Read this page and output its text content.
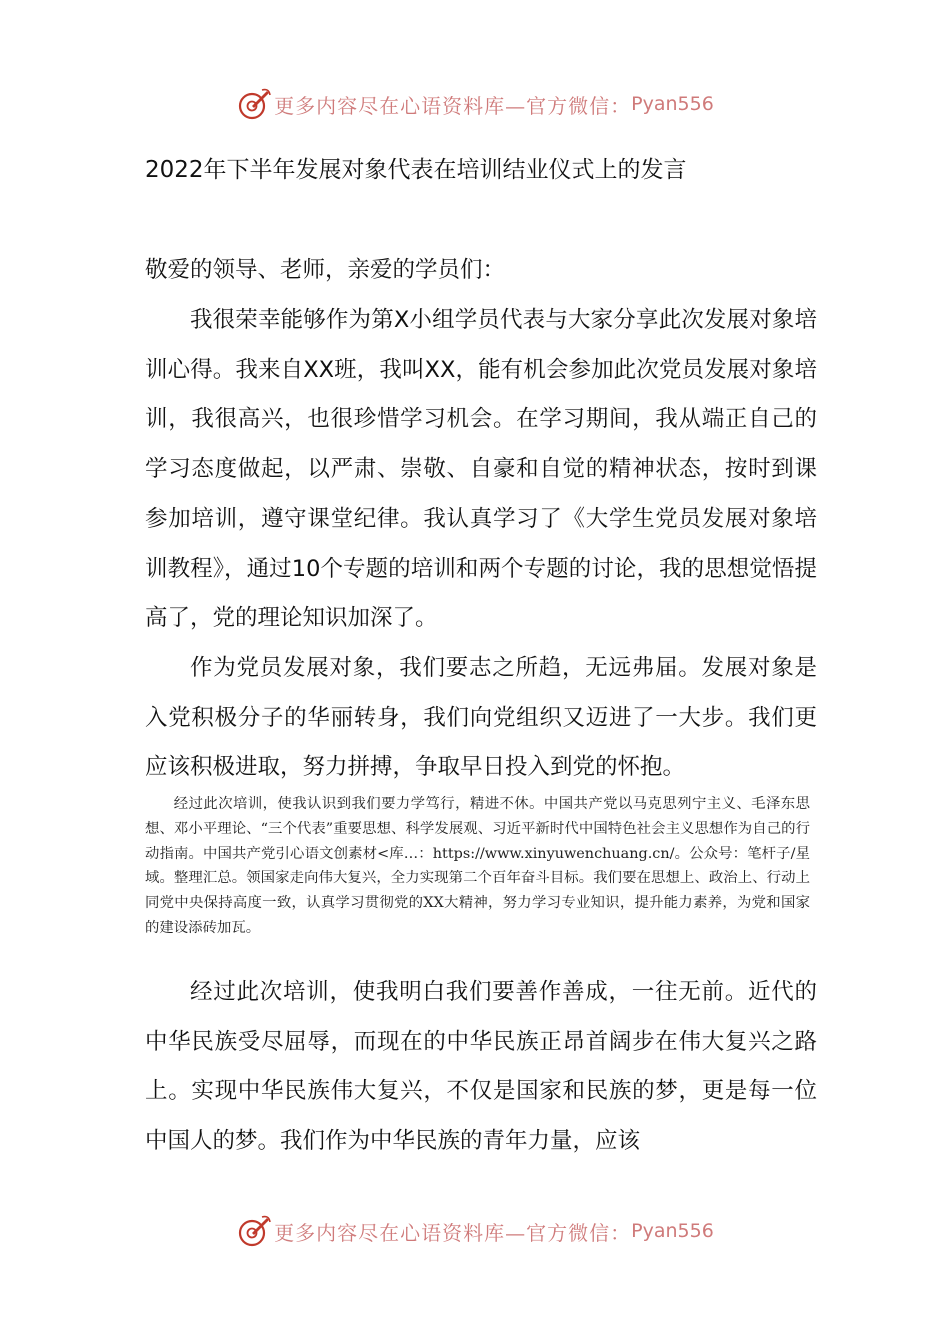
更多内容尽在心语资料库—官方微信： Pyan556
2022年下半年发展对象代表在培训结业仪式上的发言
敬爱的领导、老师，亲爱的学员们：

我很荣幸能够作为第X小组学员代表与大家分享此次发展对象培训心得。我来自XX班，我叫XX，能有机会参加此次党员发展对象培训，我很高兴，也很珍惜学习机会。在学习期间，我从端正自己的学习态度做起，以严肃、崇敬、自豪和自觉的精神状态，按时到课参加培训，遵守课堂纪律。我认真学习了《大学生党员发展对象培训教程》，通过10个专题的培训和两个专题的讨论，我的思想觉悟提高了，党的理论知识加深了。

作为党员发展对象，我们要志之所趋，无远弗届。发展对象是入党积极分子的华丽转身，我们向党组织又迈进了一大步。我们更应该积极进取，努力拼搏，争取早日投入到党的怀抱。

经过此次培训，使我认识到我们要力学笃行，精进不休。中国共产党以马克思列宁主义、毛泽东思想、邓小平理论、“三个代表”重要思想、科学发展观、习近平新时代中国特色社会主义思想作为自己的行动指南。中国共产党引心语文创素材<库…：https://www.xinyuwenchuang.cn/。公众号：笔杆子/星域。整理汇总。领国家走向伟大复兴，全力实现第二个百年奋斗目标。我们要在思想上、政治上、行动上同党中央保持高度一致，认真学习贯彻党的XX大精神，努力学习专业知识，提升能力素养，为党和国家的建设添砖加瓦。

经过此次培训，使我明白我们要善作善成，一往无前。近代的中华民族受尽屈辱，而现在的中华民族正昂首阔步在伟大复兴之路上。实现中华民族伟大复兴，不仅是国家和民族的梦，更是每一位中国人的梦。我们作为中华民族的青年力量，应该

更多内容尽在心语资料库—官方微信： Pyan556
